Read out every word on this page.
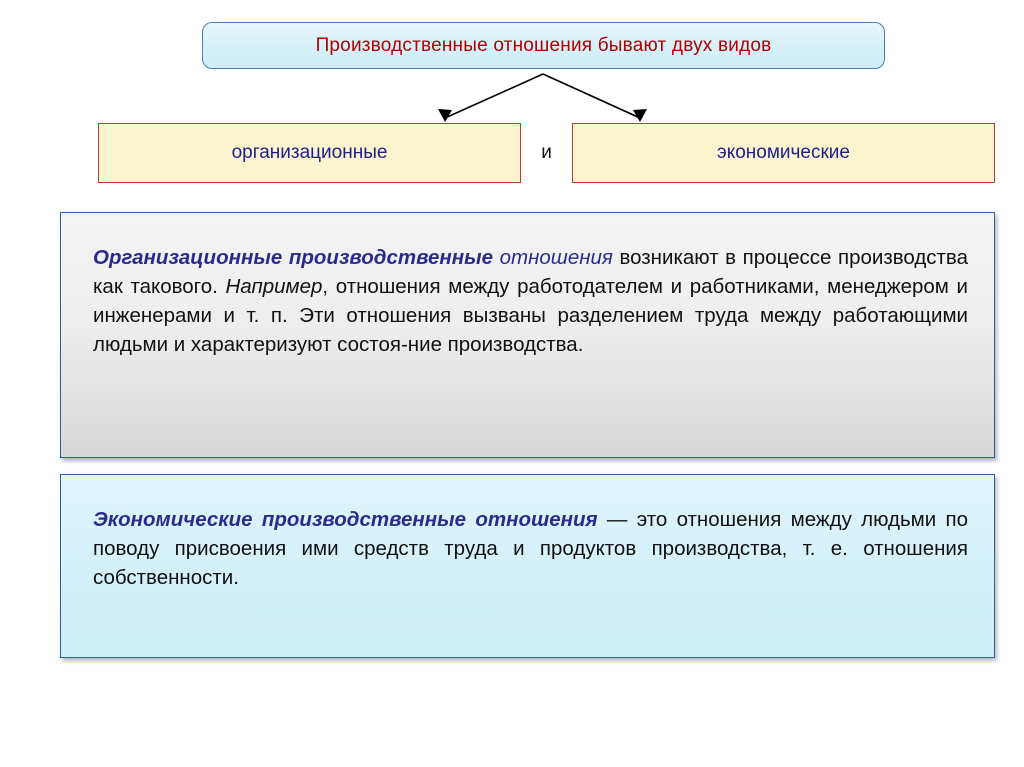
Производственные отношения бывают двух видов
организационные	и	экономические

Организационные производственные отношения возникают в процессе производства как такового. Например, отношения между работодателем и работниками, менеджером и инженерами и т. п. Эти отношения вызваны разделением труда между работающими людьми и характеризуют состоя-ние производства.

Экономические производственные отношения — это отношения между людьми по поводу присвоения ими средств труда и продуктов производства, т. е. отношения собственности.
